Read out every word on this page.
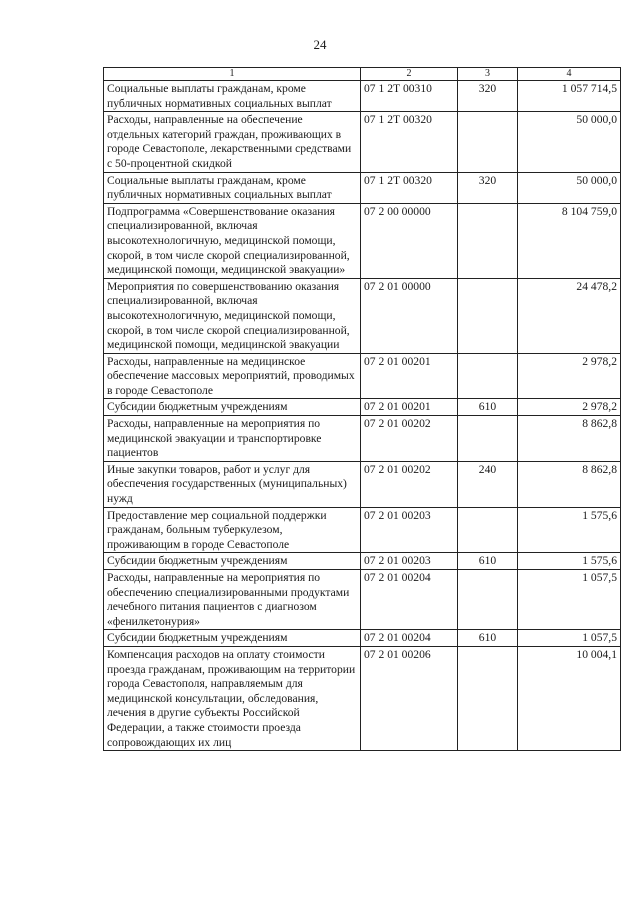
24
1	2	3	4
Социальные выплаты гражданам, кроме публичных нормативных социальных выплат	07 1 2Т 00310	320	1 057 714,5
Расходы, направленные на обеспечение отдельных категорий граждан, проживающих в городе Севастополе, лекарственными средствами с 50-процентной скидкой	07 1 2Т 00320		50 000,0
Социальные выплаты гражданам, кроме публичных нормативных социальных выплат	07 1 2Т 00320	320	50 000,0
Подпрограмма «Совершенствование оказания специализированной, включая высокотехнологичную, медицинской помощи, скорой, в том числе скорой специализированной, медицинской помощи, медицинской эвакуации»	07 2 00 00000		8 104 759,0
Мероприятия по совершенствованию оказания специализированной, включая высокотехнологичную, медицинской помощи, скорой, в том числе скорой специализированной, медицинской помощи, медицинской эвакуации	07 2 01 00000		24 478,2
Расходы, направленные на медицинское обеспечение массовых мероприятий, проводимых в городе Севастополе	07 2 01 00201		2 978,2
Субсидии бюджетным учреждениям	07 2 01 00201	610	2 978,2
Расходы, направленные на мероприятия по медицинской эвакуации и транспортировке пациентов	07 2 01 00202		8 862,8
Иные закупки товаров, работ и услуг для обеспечения государственных (муниципальных) нужд	07 2 01 00202	240	8 862,8
Предоставление мер социальной поддержки гражданам, больным туберкулезом, проживающим в городе Севастополе	07 2 01 00203		1 575,6
Субсидии бюджетным учреждениям	07 2 01 00203	610	1 575,6
Расходы, направленные на мероприятия по обеспечению специализированными продуктами лечебного питания пациентов с диагнозом «фенилкетонурия»	07 2 01 00204		1 057,5
Субсидии бюджетным учреждениям	07 2 01 00204	610	1 057,5
Компенсация расходов на оплату стоимости проезда гражданам, проживающим на территории города Севастополя, направляемым для медицинской консультации, обследования, лечения в другие субъекты Российской Федерации, а также стоимости проезда сопровождающих их лиц	07 2 01 00206		10 004,1
